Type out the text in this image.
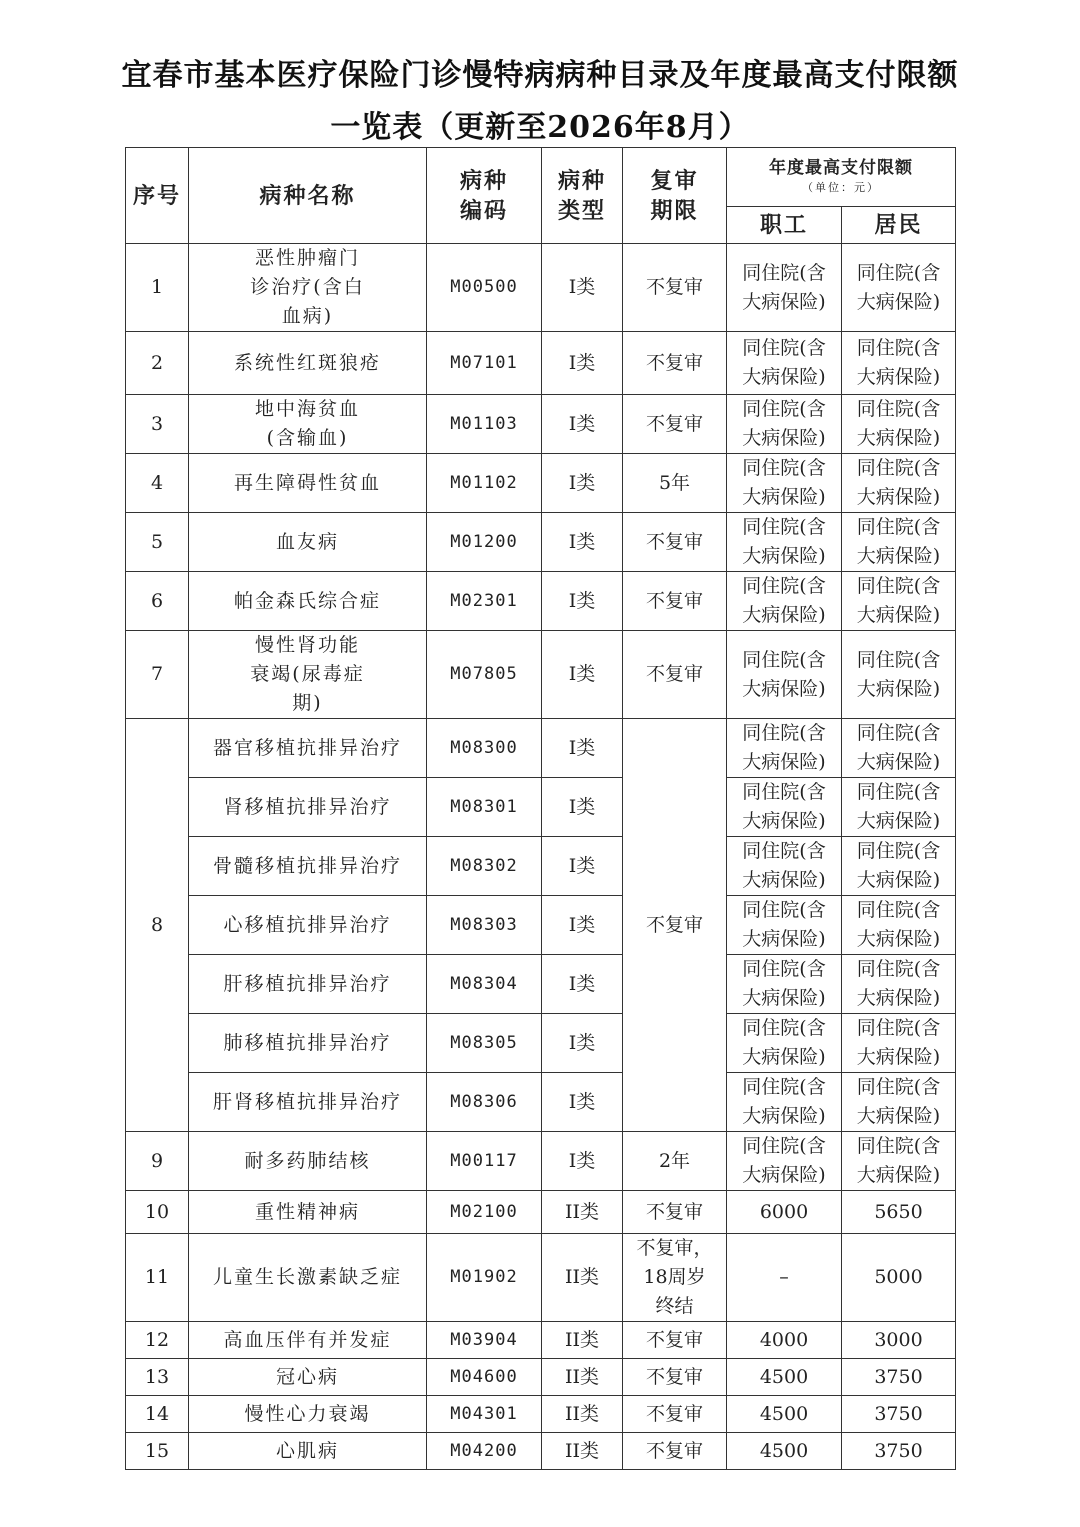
宜春市基本医疗保险门诊慢特病病种目录及年度最高支付限额
一览表（更新至2026年8月）
序号	病种名称	病种编码	病种类型	复审期限	年度最高支付限额
（单位：元）	

					职工	居民

1	恶性肿瘤门诊治疗(含白血病)	M00500	I类	不复审	同住院(含大病保险)	同住院(含大病保险)

2	系统性红斑狼疮	M07101	I类	不复审	同住院(含大病保险)	同住院(含大病保险)

3	地中海贫血(含输血)	M01103	I类	不复审	同住院(含大病保险)	同住院(含大病保险)

4	再生障碍性贫血	M01102	I类	5年	同住院(含大病保险)	同住院(含大病保险)

5	血友病	M01200	I类	不复审	同住院(含大病保险)	同住院(含大病保险)

6	帕金森氏综合症	M02301	I类	不复审	同住院(含大病保险)	同住院(含大病保险)

7	慢性肾功能衰竭(尿毒症期)	M07805	I类	不复审	同住院(含大病保险)	同住院(含大病保险)

8	器官移植抗排异治疗	M08300	I类	不复审	同住院(含大病保险)	同住院(含大病保险)

	肾移植抗排异治疗	M08301	I类		同住院(含大病保险)	同住院(含大病保险)

	骨髓移植抗排异治疗	M08302	I类		同住院(含大病保险)	同住院(含大病保险)

	心移植抗排异治疗	M08303	I类		同住院(含大病保险)	同住院(含大病保险)

	肝移植抗排异治疗	M08304	I类		同住院(含大病保险)	同住院(含大病保险)

	肺移植抗排异治疗	M08305	I类		同住院(含大病保险)	同住院(含大病保险)

	肝肾移植抗排异治疗	M08306	I类		同住院(含大病保险)	同住院(含大病保险)

9	耐多药肺结核	M00117	I类	2年	同住院(含大病保险)	同住院(含大病保险)

10	重性精神病	M02100	II类	不复审	6000	5650

11	儿童生长激素缺乏症	M01902	II类	不复审，18周岁终结	–	5000

12	高血压伴有并发症	M03904	II类	不复审	4000	3000

13	冠心病	M04600	II类	不复审	4500	3750

14	慢性心力衰竭	M04301	II类	不复审	4500	3750

15	心肌病	M04200	II类	不复审	4500	3750
